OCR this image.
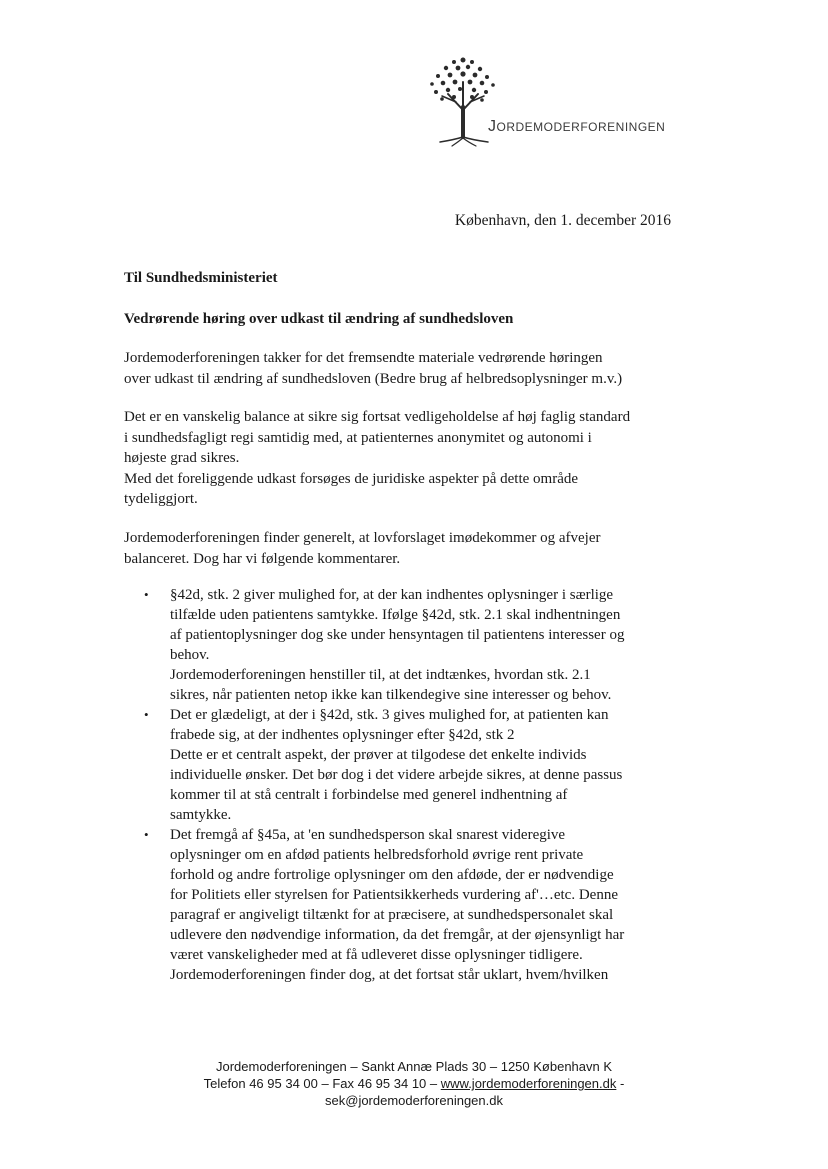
JORDEMODERFORENINGEN
København, den 1. december 2016
Til Sundhedsministeriet
Vedrørende høring over udkast til ændring af sundhedsloven
Jordemoderforeningen takker for det fremsendte materiale vedrørende høringen
over udkast til ændring af sundhedsloven (Bedre brug af helbredsoplysninger m.v.)
Det er en vanskelig balance at sikre sig fortsat vedligeholdelse af høj faglig standard
i sundhedsfagligt regi samtidig med, at patienternes anonymitet og autonomi i
højeste grad sikres.
Med det foreliggende udkast forsøges de juridiske aspekter på dette område
tydeliggjort.
Jordemoderforeningen finder generelt, at lovforslaget imødekommer og afvejer
balanceret. Dog har vi følgende kommentarer.
• §42d, stk. 2 giver mulighed for, at der kan indhentes oplysninger i særlige
tilfælde uden patientens samtykke. Ifølge §42d, stk. 2.1 skal indhentningen
af patientoplysninger dog ske under hensyntagen til patientens interesser og
behov.
Jordemoderforeningen henstiller til, at det indtænkes, hvordan stk. 2.1
sikres, når patienten netop ikke kan tilkendegive sine interesser og behov.
• Det er glædeligt, at der i §42d, stk. 3 gives mulighed for, at patienten kan
frabede sig, at der indhentes oplysninger efter §42d, stk 2
Dette er et centralt aspekt, der prøver at tilgodese det enkelte individs
individuelle ønsker. Det bør dog i det videre arbejde sikres, at denne passus
kommer til at stå centralt i forbindelse med generel indhentning af
samtykke.
• Det fremgå af §45a, at 'en sundhedsperson skal snarest videregive
oplysninger om en afdød patients helbredsforhold øvrige rent private
forhold og andre fortrolige oplysninger om den afdøde, der er nødvendige
for Politiets eller styrelsen for Patientsikkerheds vurdering af'…etc. Denne
paragraf er angiveligt tiltænkt for at præcisere, at sundhedspersonalet skal
udlevere den nødvendige information, da det fremgår, at der øjensynligt har
været vanskeligheder med at få udleveret disse oplysninger tidligere.
Jordemoderforeningen finder dog, at det fortsat står uklart, hvem/hvilken
Jordemoderforeningen – Sankt Annæ Plads 30 – 1250 København K
Telefon 46 95 34 00 – Fax 46 95 34 10 – www.jordemoderforeningen.dk -
sek@jordemoderforeningen.dk
